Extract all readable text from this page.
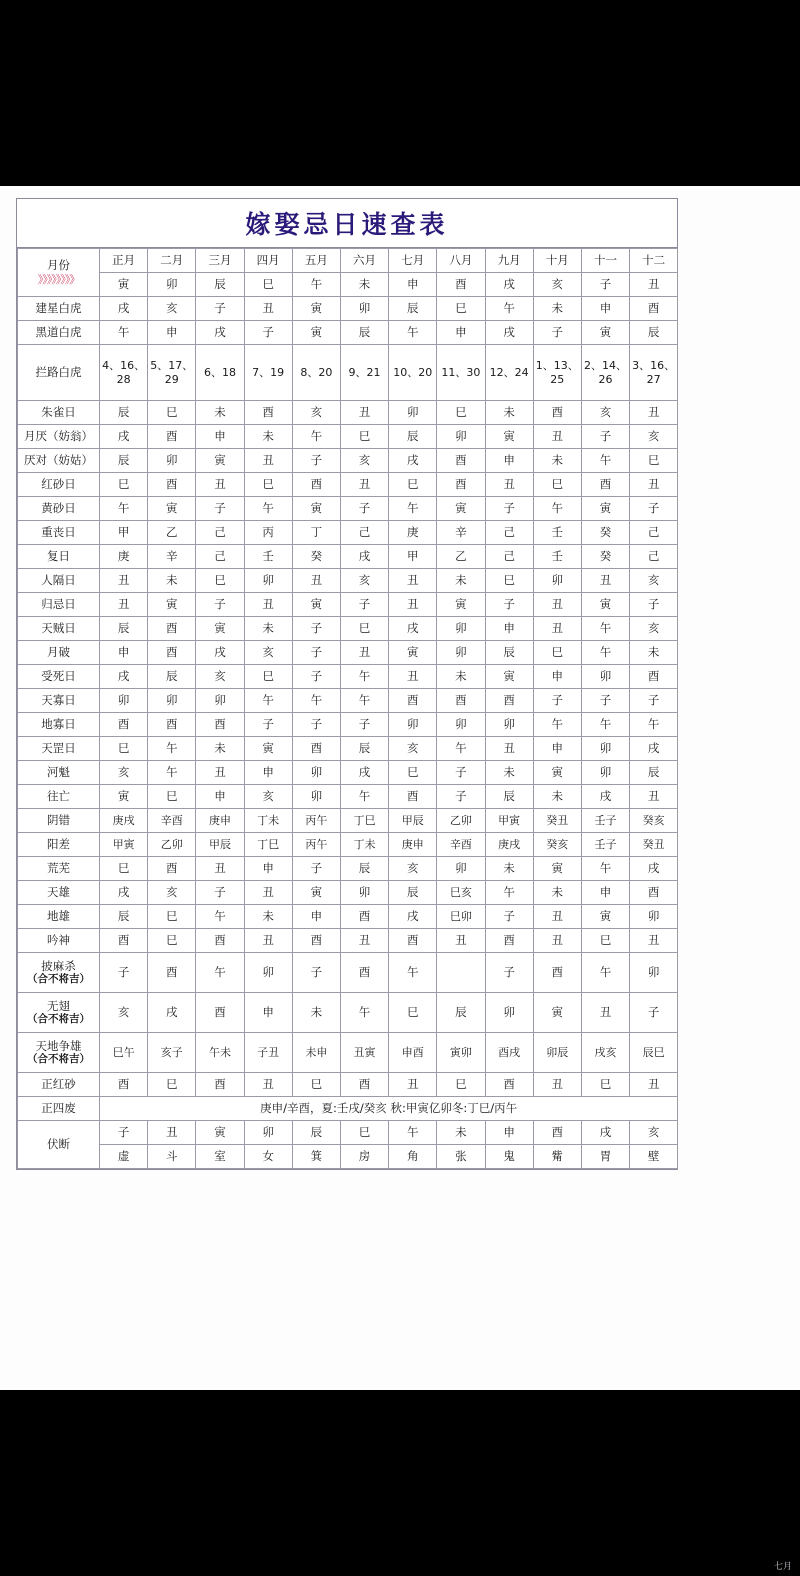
嫁娶忌日速查表
月份
》》》》》》》》	正月	二月	三月	四月	五月	六月	七月	八月	九月	十月	十一	十二
	寅	卯	辰	巳	午	未	申	酉	戌	亥	子	丑
建星白虎	戌	亥	子	丑	寅	卯	辰	巳	午	未	申	酉
黑道白虎	午	申	戌	子	寅	辰	午	申	戌	子	寅	辰
拦路白虎	4、16、28	5、17、29	6、18	7、19	8、20	9、21	10、20	11、30	12、24	1、13、25	2、14、26	3、16、27
朱雀日	辰	巳	未	酉	亥	丑	卯	巳	未	酉	亥	丑
月厌（妨翁）	戌	酉	申	未	午	巳	辰	卯	寅	丑	子	亥
厌对（妨姑）	辰	卯	寅	丑	子	亥	戌	酉	申	未	午	巳
红砂日	巳	酉	丑	巳	酉	丑	巳	酉	丑	巳	酉	丑
黄砂日	午	寅	子	午	寅	子	午	寅	子	午	寅	子
重丧日	甲	乙	己	丙	丁	己	庚	辛	己	壬	癸	己
复日	庚	辛	己	壬	癸	戌	甲	乙	己	壬	癸	己
人隔日	丑	未	巳	卯	丑	亥	丑	未	巳	卯	丑	亥
归忌日	丑	寅	子	丑	寅	子	丑	寅	子	丑	寅	子
天贼日	辰	酉	寅	未	子	巳	戌	卯	申	丑	午	亥
月破	申	酉	戌	亥	子	丑	寅	卯	辰	巳	午	未
受死日	戌	辰	亥	巳	子	午	丑	未	寅	申	卯	酉
天寡日	卯	卯	卯	午	午	午	酉	酉	酉	子	子	子
地寡日	酉	酉	酉	子	子	子	卯	卯	卯	午	午	午
天罡日	巳	午	未	寅	酉	辰	亥	午	丑	申	卯	戌
河魁	亥	午	丑	申	卯	戌	巳	子	未	寅	卯	辰
往亡	寅	巳	申	亥	卯	午	酉	子	辰	未	戌	丑
阴错	庚戌	辛酉	庚申	丁未	丙午	丁巳	甲辰	乙卯	甲寅	癸丑	壬子	癸亥
阳差	甲寅	乙卯	甲辰	丁巳	丙午	丁未	庚申	辛酉	庚戌	癸亥	壬子	癸丑
荒芜	巳	酉	丑	申	子	辰	亥	卯	未	寅	午	戌
天雄	戌	亥	子	丑	寅	卯	辰	巳亥	午	未	申	酉
地雄	辰	巳	午	未	申	酉	戌	巳卯	子	丑	寅	卯
吟神	酉	巳	酉	丑	酉	丑	酉	丑	酉	丑	巳	丑
披麻杀
（合不将吉）	子	酉	午	卯	子	酉	午		子	酉	午	卯
无翅
（合不将吉）	亥	戌	酉	申	未	午	巳	辰	卯	寅	丑	子
天地争雄
（合不将吉）	巳午	亥子	午未	子丑	未申	丑寅	申酉	寅卯	酉戌	卯辰	戌亥	辰巳
正红砂	酉	巳	酉	丑	巳	酉	丑	巳	酉	丑	巳	丑
正四废	庚申/辛酉，夏:壬戌/癸亥 秋:甲寅亿卯冬:丁巳/丙午											
伏断	子	丑	寅	卯	辰	巳	午	未	申	酉	戌	亥
	虚	斗	室	女	箕	房	角	张	鬼	觜	胃	壁
七月
